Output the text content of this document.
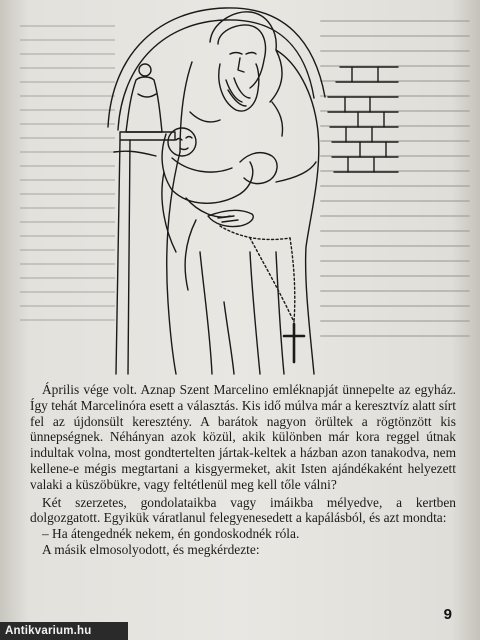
Április vége volt. Aznap Szent Marcelino emléknapját ünnepelte az egyház. Így tehát Marcelinóra esett a választás. Kis idő múlva már a keresztvíz alatt sírt fel az újdonsült keresztény. A barátok nagyon örültek a rögtönzött kis ünnepségnek. Néhányan azok közül, akik különben már kora reggel útnak indultak volna, most gondtertelten jártak-keltek a házban azon tanakodva, nem kellene-e mégis megtartani a kisgyermeket, akit Isten ajándékaként helyezett valaki a küszöbükre, vagy feltétlenül meg kell tőle válni?

Két szerzetes, gondolataikba vagy imáikba mélyedve, a kertben dolgozgatott. Egyikük váratlanul felegyenesedett a kapálásból, és azt mondta:

– Ha átengednék nekem, én gondoskodnék róla.

A másik elmosolyodott, és megkérdezte:

9
Antikvarium.hu
